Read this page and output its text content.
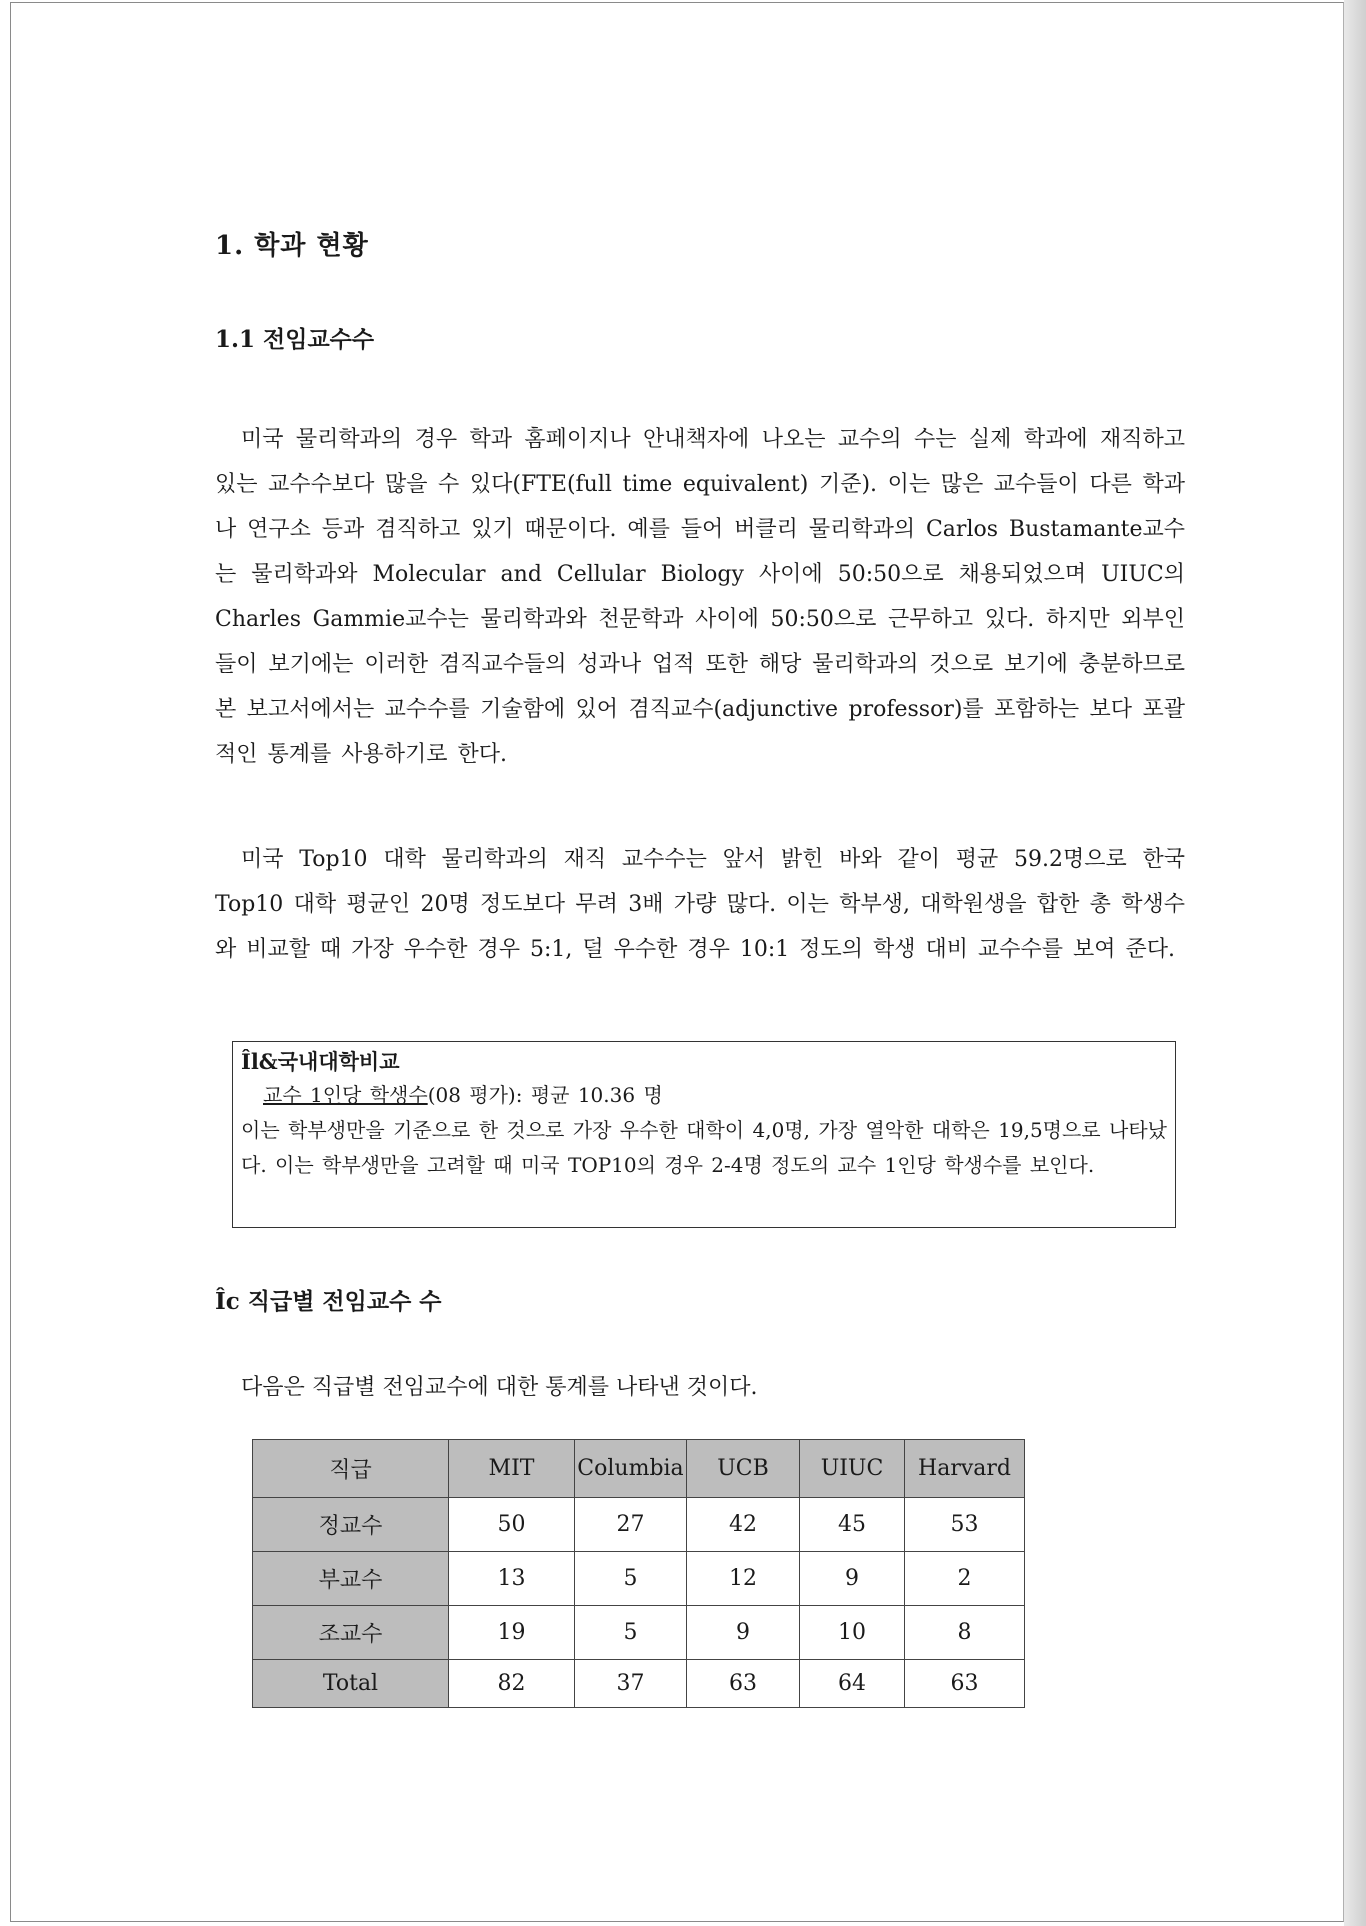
1. 학과 현황
1.1 전임교수수

미국 물리학과의 경우 학과 홈페이지나 안내책자에 나오는 교수의 수는 실제 학과에 재직하고 있는 교수수보다 많을 수 있다(FTE(full time equivalent) 기준). 이는 많은 교수들이 다른 학과나 연구소 등과 겸직하고 있기 때문이다. 예를 들어 버클리 물리학과의 Carlos Bustamante교수는 물리학과와 Molecular and Cellular Biology 사이에 50:50으로 채용되었으며 UIUC의 Charles Gammie교수는 물리학과와 천문학과 사이에 50:50으로 근무하고 있다. 하지만 외부인들이 보기에는 이러한 겸직교수들의 성과나 업적 또한 해당 물리학과의 것으로 보기에 충분하므로 본 보고서에서는 교수수를 기술함에 있어 겸직교수(adjunctive professor)를 포함하는 보다 포괄적인 통계를 사용하기로 한다.

미국 Top10 대학 물리학과의 재직 교수수는 앞서 밝힌 바와 같이 평균 59.2명으로 한국 Top10 대학 평균인 20명 정도보다 무려 3배 가량 많다. 이는 학부생, 대학원생을 합한 총 학생수와 비교할 때 가장 우수한 경우 5:1, 덜 우수한 경우 10:1 정도의 학생 대비 교수수를 보여 준다.

Îl&국내대학비교
교수 1인당 학생수(08 평가): 평균 10.36 명
이는 학부생만을 기준으로 한 것으로 가장 우수한 대학이 4,0명, 가장 열악한 대학은 19,5명으로 나타났다. 이는 학부생만을 고려할 때 미국 TOP10의 경우 2-4명 정도의 교수 1인당 학생수를 보인다.
Îc 직급별 전임교수 수

다음은 직급별 전임교수에 대한 통계를 나타낸 것이다.

직급	MIT	Columbia	UCB	UIUC	Harvard
정교수	50	27	42	45	53
부교수	13	5	12	9	2
조교수	19	5	9	10	8
Total	82	37	63	64	63
